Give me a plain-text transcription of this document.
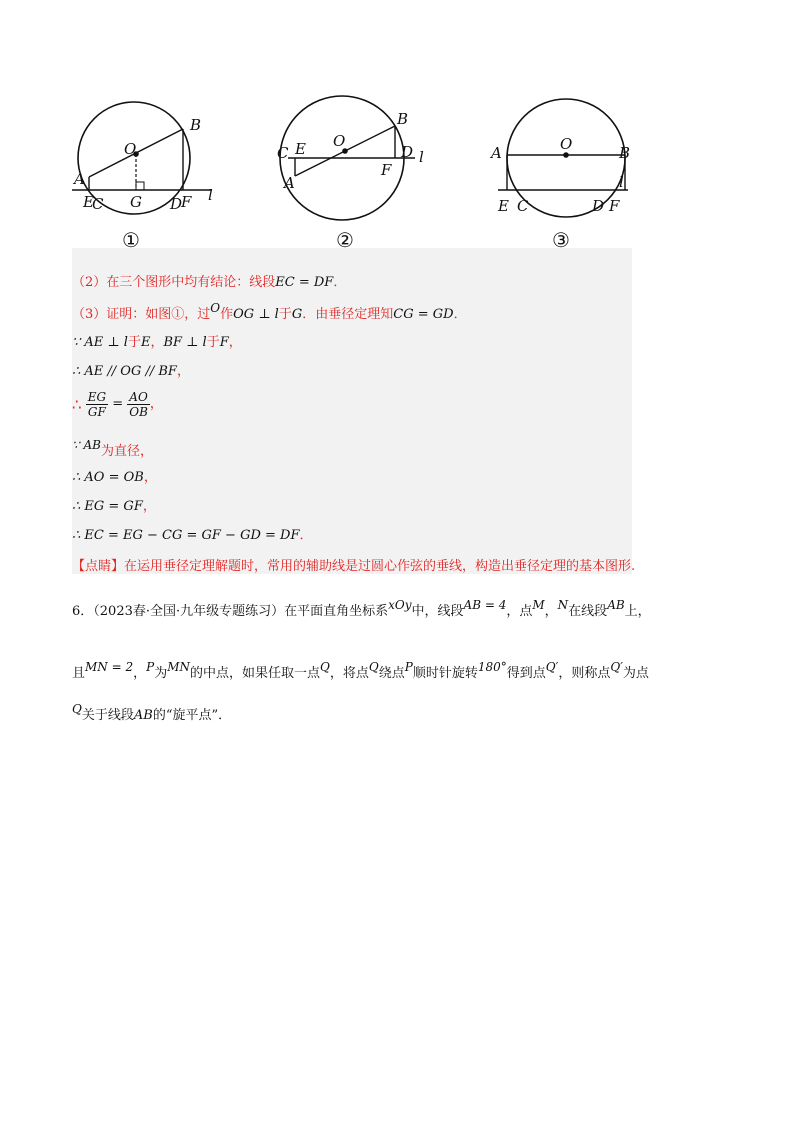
O
A
B
E
C G D
F l
O
B
C E
A
D
F
l
O
A	B
E C	D F
l
①	②	③
（2）在三个图形中均有结论：线段EC = DF．
（3）证明：如图①，过O作OG ⊥ l于G．由垂径定理知CG = GD．
∵ AE ⊥ l于E，BF ⊥ l于F，
∴ AE // OG // BF，
∴ $\frac{EG}{GF} = \frac{AO}{OB}$ ，
∵ AB为直径，
∴ AO = OB，
∴ EG = GF，
∴ EC = EG − CG = GF − GD = DF．
【点睛】在运用垂径定理解题时，常用的辅助线是过圆心作弦的垂线，构造出垂径定理的基本图形.
6．（2023春·全国·九年级专题练习）在平面直角坐标系xOy中，线段AB = 4，点M，N在线段AB上，
且MN = 2，P为MN的中点，如果任取一点Q，将点Q绕点P顺时针旋转180°得到点Q′，则称点Q′为点
Q关于线段AB的“旋平点”．
